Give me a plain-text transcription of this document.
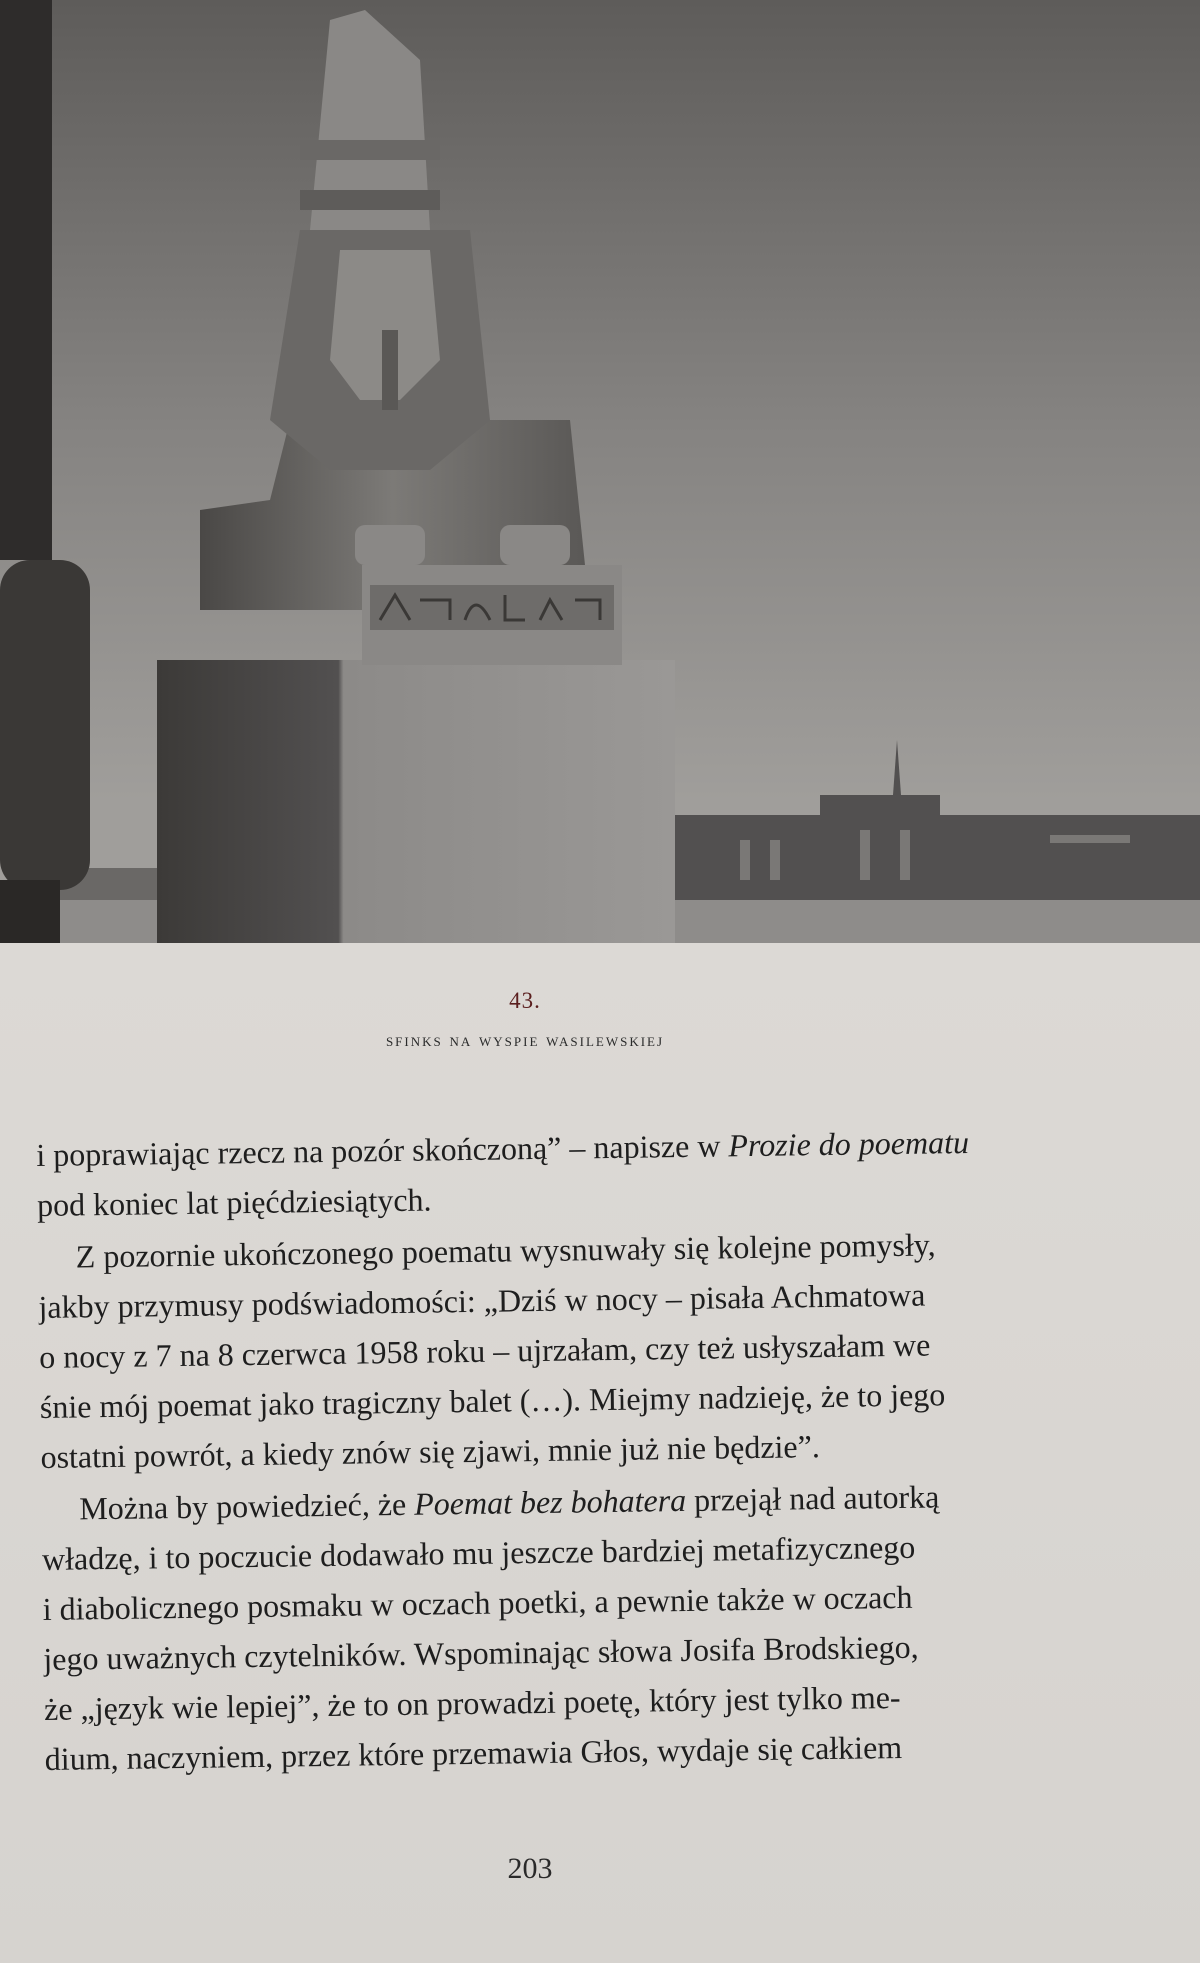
43.
sfinks na wyspie wasilewskiej
i poprawiając rzecz na pozór skończoną” – napisze w Prozie do poematu
pod koniec lat pięćdziesiątych.
Z pozornie ukończonego poematu wysnuwały się kolejne pomysły,
jakby przymusy podświadomości: „Dziś w nocy – pisała Achmatowa
o nocy z 7 na 8 czerwca 1958 roku – ujrzałam, czy też usłyszałam we
śnie mój poemat jako tragiczny balet (…). Miejmy nadzieję, że to jego
ostatni powrót, a kiedy znów się zjawi, mnie już nie będzie”.
Można by powiedzieć, że Poemat bez bohatera przejął nad autorką
władzę, i to poczucie dodawało mu jeszcze bardziej metafizycznego
i diabolicznego posmaku w oczach poetki, a pewnie także w oczach
jego uważnych czytelników. Wspominając słowa Josifa Brodskiego,
że „język wie lepiej”, że to on prowadzi poetę, który jest tylko me-
dium, naczyniem, przez które przemawia Głos, wydaje się całkiem
203
